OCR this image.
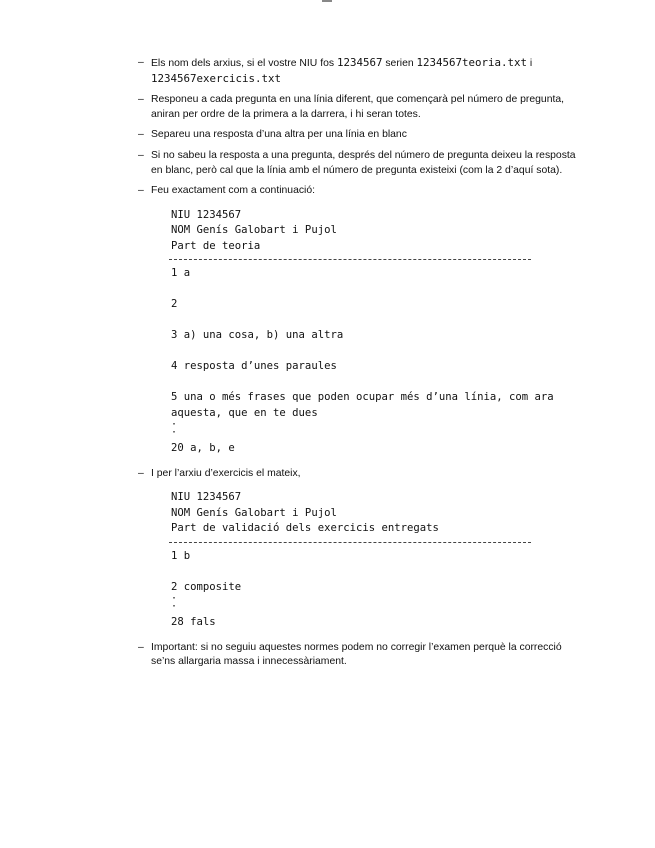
– Els nom dels arxius, si el vostre NIU fos 1234567 serien 1234567teoria.txt i 1234567exercicis.txt
– Responeu a cada pregunta en una línia diferent, que començarà pel número de pregunta, aniran per ordre de la primera a la darrera, i hi seran totes.
– Separeu una resposta d’una altra per una línia en blanc
– Si no sabeu la resposta a una pregunta, després del número de pregunta deixeu la resposta en blanc, però cal que la línia amb el número de pregunta existeixi (com la 2 d’aquí sota).
– Feu exactament com a continuació:
NIU 1234567
NOM Genís Galobart i Pujol
Part de teoria
1 a
2
3 a) una cosa, b) una altra
4 resposta d’unes paraules
5 una o més frases que poden ocupar més d’una línia, com ara
aquesta, que en te dues
·
·
20 a, b, e
– I per l’arxiu d’exercicis el mateix,
NIU 1234567
NOM Genís Galobart i Pujol
Part de validació dels exercicis entregats
1 b
2 composite
·
·
28 fals
– Important: si no seguiu aquestes normes podem no corregir l’examen perquè la correcció se’ns allargaria massa i innecessàriament.
